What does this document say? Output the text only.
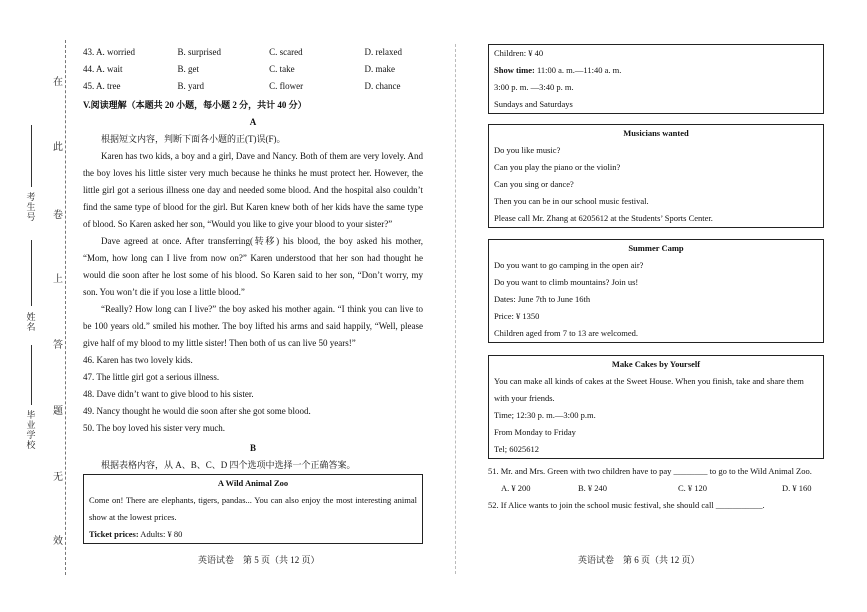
在
此
卷
上
答
题
无
效
考生号
姓名
毕业学校
43. A. worried	B. surprised	C. scared	D. relaxed
44. A. wait	B. get	C. take	D. make
45. A. tree	B. yard	C. flower	D. chance
V.阅读理解（本题共 20 小题，每小题 2 分，共计 40 分）
A
根据短文内容，判断下面各小题的正(T)误(F)。
Karen has two kids, a boy and a girl, Dave and Nancy. Both of them are very lovely. And the boy loves his little sister very much because he thinks he must protect her. However, the little girl got a serious illness one day and needed some blood. And the hospital also couldn’t find the same type of blood for the girl. But Karen knew both of her kids have the same type of blood. So Karen asked her son, “Would you like to give your blood to your sister?”
Dave agreed at once. After transferring(转移) his blood, the boy asked his mother, “Mom, how long can I live from now on?” Karen understood that her son had thought he would die soon after he lost some of his blood. So Karen said to her son, “Don’t worry, my son. You won’t die if you lose a little blood.”
“Really? How long can I live?” the boy asked his mother again. “I think you can live to be 100 years old.” smiled his mother. The boy lifted his arms and said happily, “Well, please give half of my blood to my little sister! Then both of us can live 50 years!”
46. Karen has two lovely kids.
47. The little girl got a serious illness.
48. Dave didn’t want to give blood to his sister.
49. Nancy thought he would die soon after she got some blood.
50. The boy loved his sister very much.
B
根据表格内容，从 A、B、C、D 四个选项中选择一个正确答案。
A Wild Animal Zoo
Come on! There are elephants, tigers, pandas... You can also enjoy the most interesting animal show at the lowest prices.
Ticket prices: Adults: ¥ 80
英语试卷　第 5 页（共 12 页）
Children: ¥ 40
Show time: 11:00 a. m.—11:40 a. m.
3:00 p. m. —3:40 p. m.
Sundays and Saturdays
Musicians wanted
Do you like music?
Can you play the piano or the violin?
Can you sing or dance?
Then you can be in our school music festival.
Please call Mr. Zhang at 6205612 at the Students’ Sports Center.
Summer Camp
Do you want to go camping in the open air?
Do you want to climb mountains? Join us!
Dates: June 7th to June 16th
Price: ¥ 1350
Children aged from 7 to 13 are welcomed.
Make Cakes by Yourself
You can make all kinds of cakes at the Sweet House. When you finish, take and share them with your friends.
Time; 12:30 p. m.—3:00 p.m.
From Monday to Friday
Tel; 6025612
51. Mr. and Mrs. Green with two children have to pay ________ to go to the Wild Animal Zoo.
A. ¥ 200	B. ¥ 240	C. ¥ 120	D. ¥ 160
52. If Alice wants to join the school music festival, she should call ___________.
英语试卷　第 6 页（共 12 页）
